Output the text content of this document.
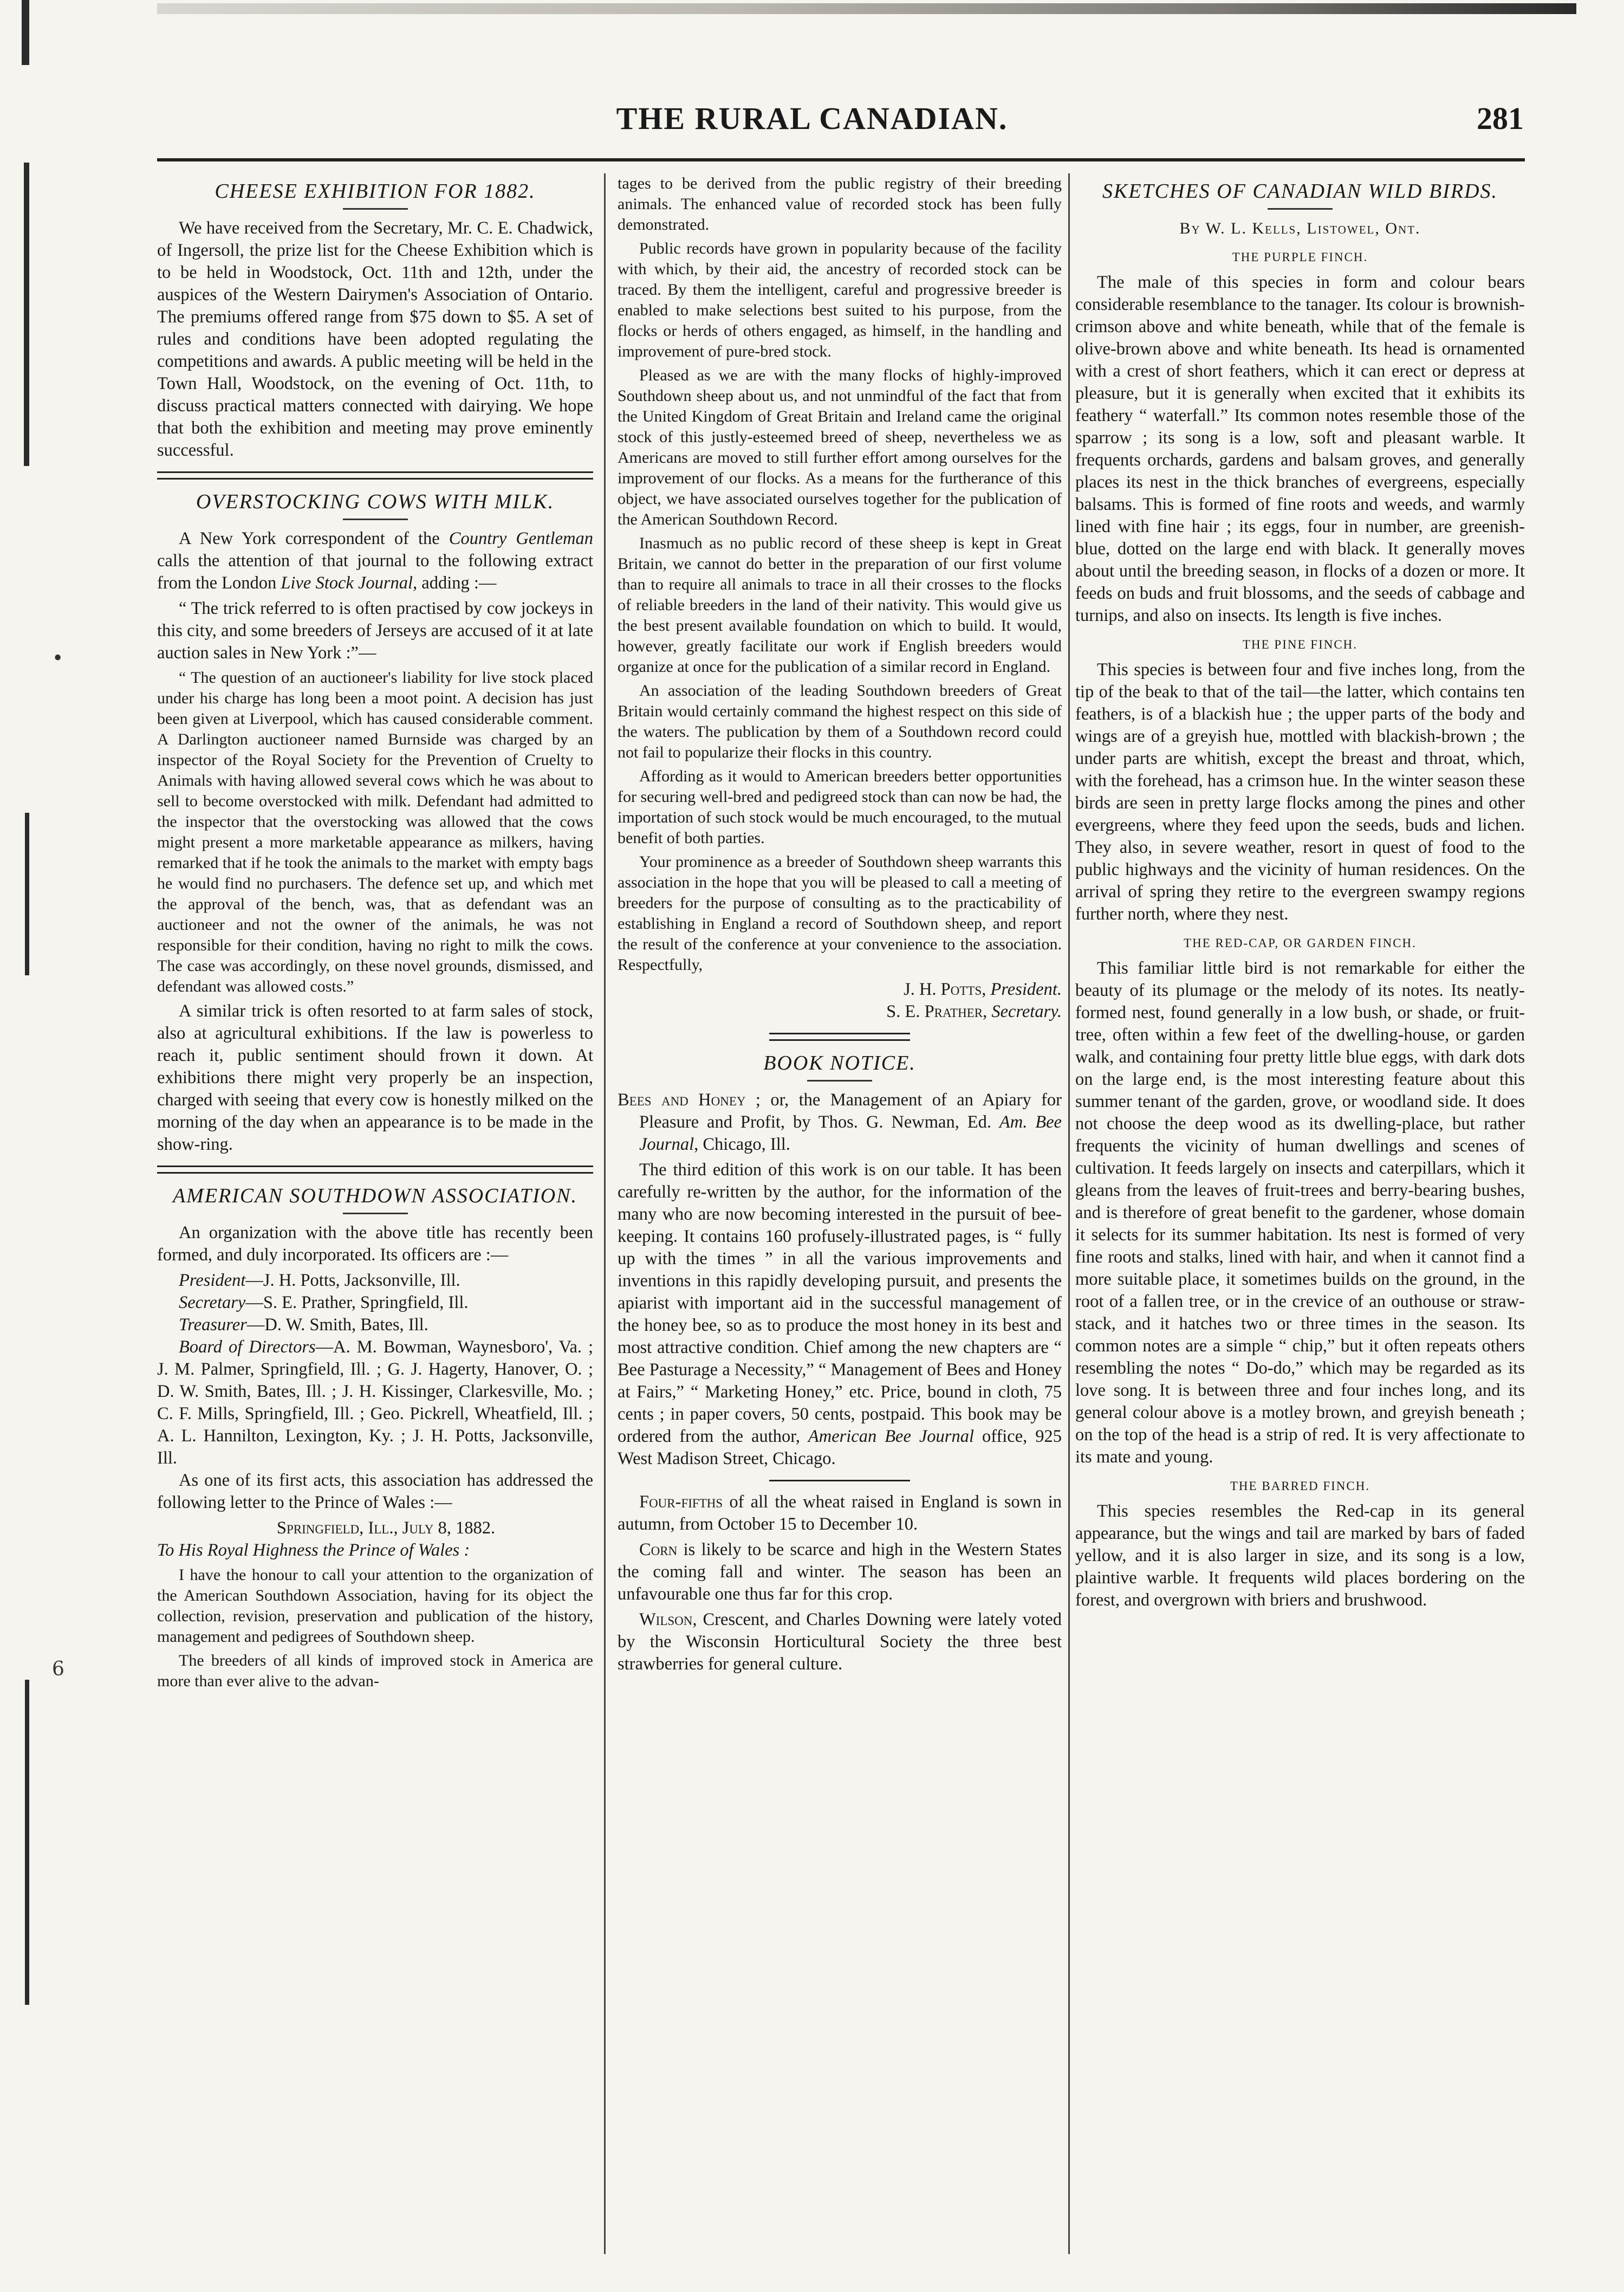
•
6
THE RURAL CANADIAN.	281
CHEESE EXHIBITION FOR 1882.

We have received from the Secretary, Mr. C. E. Chadwick, of Ingersoll, the prize list for the Cheese Exhibition which is to be held in Woodstock, Oct. 11th and 12th, under the auspices of the Western Dairymen's Association of Ontario. The premiums offered range from $75 down to $5. A set of rules and conditions have been adopted regulating the competitions and awards. A public meeting will be held in the Town Hall, Woodstock, on the evening of Oct. 11th, to discuss practical matters connected with dairying. We hope that both the exhibition and meeting may prove eminently successful.

OVERSTOCKING COWS WITH MILK.

A New York correspondent of the Country Gentleman calls the attention of that journal to the following extract from the London Live Stock Journal, adding :—

“ The trick referred to is often practised by cow jockeys in this city, and some breeders of Jerseys are accused of it at late auction sales in New York :”—

“ The question of an auctioneer's liability for live stock placed under his charge has long been a moot point. A decision has just been given at Liverpool, which has caused considerable comment. A Darlington auctioneer named Burnside was charged by an inspector of the Royal Society for the Prevention of Cruelty to Animals with having allowed several cows which he was about to sell to become overstocked with milk. Defendant had admitted to the inspector that the overstocking was allowed that the cows might present a more marketable appearance as milkers, having remarked that if he took the animals to the market with empty bags he would find no purchasers. The defence set up, and which met the approval of the bench, was, that as defendant was an auctioneer and not the owner of the animals, he was not responsible for their condition, having no right to milk the cows. The case was accordingly, on these novel grounds, dismissed, and defendant was allowed costs.”

A similar trick is often resorted to at farm sales of stock, also at agricultural exhibitions. If the law is powerless to reach it, public sentiment should frown it down. At exhibitions there might very properly be an inspection, charged with seeing that every cow is honestly milked on the morning of the day when an appearance is to be made in the show-ring.

AMERICAN SOUTHDOWN ASSOCIATION.

An organization with the above title has recently been formed, and duly incorporated. Its officers are :—

President—J. H. Potts, Jacksonville, Ill.

Secretary—S. E. Prather, Springfield, Ill.

Treasurer—D. W. Smith, Bates, Ill.

Board of Directors—A. M. Bowman, Waynesboro', Va. ; J. M. Palmer, Springfield, Ill. ; G. J. Hagerty, Hanover, O. ; D. W. Smith, Bates, Ill. ; J. H. Kissinger, Clarkesville, Mo. ; C. F. Mills, Springfield, Ill. ; Geo. Pickrell, Wheatfield, Ill. ; A. L. Hannilton, Lexington, Ky. ; J. H. Potts, Jacksonville, Ill.

As one of its first acts, this association has addressed the following letter to the Prince of Wales :—

Springfield, Ill., July 8, 1882.

To His Royal Highness the Prince of Wales :

I have the honour to call your attention to the organization of the American Southdown Association, having for its object the collection, revision, preservation and publication of the history, management and pedigrees of Southdown sheep.

The breeders of all kinds of improved stock in America are more than ever alive to the advan-

tages to be derived from the public registry of their breeding animals. The enhanced value of recorded stock has been fully demonstrated.

Public records have grown in popularity because of the facility with which, by their aid, the ancestry of recorded stock can be traced. By them the intelligent, careful and progressive breeder is enabled to make selections best suited to his purpose, from the flocks or herds of others engaged, as himself, in the handling and improvement of pure-bred stock.

Pleased as we are with the many flocks of highly-improved Southdown sheep about us, and not unmindful of the fact that from the United Kingdom of Great Britain and Ireland came the original stock of this justly-esteemed breed of sheep, nevertheless we as Americans are moved to still further effort among ourselves for the improvement of our flocks. As a means for the furtherance of this object, we have associated ourselves together for the publication of the American Southdown Record.

Inasmuch as no public record of these sheep is kept in Great Britain, we cannot do better in the preparation of our first volume than to require all animals to trace in all their crosses to the flocks of reliable breeders in the land of their nativity. This would give us the best present available foundation on which to build. It would, however, greatly facilitate our work if English breeders would organize at once for the publication of a similar record in England.

An association of the leading Southdown breeders of Great Britain would certainly command the highest respect on this side of the waters. The publication by them of a Southdown record could not fail to popularize their flocks in this country.

Affording as it would to American breeders better opportunities for securing well-bred and pedigreed stock than can now be had, the importation of such stock would be much encouraged, to the mutual benefit of both parties.

Your prominence as a breeder of Southdown sheep warrants this association in the hope that you will be pleased to call a meeting of breeders for the purpose of consulting as to the practicability of establishing in England a record of Southdown sheep, and report the result of the conference at your convenience to the association. Respectfully,

J. H. Potts, President.

S. E. Prather, Secretary.

BOOK NOTICE.

Bees and Honey ; or, the Management of an Apiary for Pleasure and Profit, by Thos. G. Newman, Ed. Am. Bee Journal, Chicago, Ill.

The third edition of this work is on our table. It has been carefully re-written by the author, for the information of the many who are now becoming interested in the pursuit of bee-keeping. It contains 160 profusely-illustrated pages, is “ fully up with the times ” in all the various improvements and inventions in this rapidly developing pursuit, and presents the apiarist with important aid in the successful management of the honey bee, so as to produce the most honey in its best and most attractive condition. Chief among the new chapters are “ Bee Pasturage a Necessity,” “ Management of Bees and Honey at Fairs,” “ Marketing Honey,” etc. Price, bound in cloth, 75 cents ; in paper covers, 50 cents, postpaid. This book may be ordered from the author, American Bee Journal office, 925 West Madison Street, Chicago.

Four-fifths of all the wheat raised in England is sown in autumn, from October 15 to December 10.

Corn is likely to be scarce and high in the Western States the coming fall and winter. The season has been an unfavourable one thus far for this crop.

Wilson, Crescent, and Charles Downing were lately voted by the Wisconsin Horticultural Society the three best strawberries for general culture.

SKETCHES OF CANADIAN WILD BIRDS.
By W. L. Kells, Listowel, Ont.
THE PURPLE FINCH.

The male of this species in form and colour bears considerable resemblance to the tanager. Its colour is brownish-crimson above and white beneath, while that of the female is olive-brown above and white beneath. Its head is ornamented with a crest of short feathers, which it can erect or depress at pleasure, but it is generally when excited that it exhibits its feathery “ waterfall.” Its common notes resemble those of the sparrow ; its song is a low, soft and pleasant warble. It frequents orchards, gardens and balsam groves, and generally places its nest in the thick branches of evergreens, especially balsams. This is formed of fine roots and weeds, and warmly lined with fine hair ; its eggs, four in number, are greenish-blue, dotted on the large end with black. It generally moves about until the breeding season, in flocks of a dozen or more. It feeds on buds and fruit blossoms, and the seeds of cabbage and turnips, and also on insects. Its length is five inches.

THE PINE FINCH.

This species is between four and five inches long, from the tip of the beak to that of the tail—the latter, which contains ten feathers, is of a blackish hue ; the upper parts of the body and wings are of a greyish hue, mottled with blackish-brown ; the under parts are whitish, except the breast and throat, which, with the forehead, has a crimson hue. In the winter season these birds are seen in pretty large flocks among the pines and other evergreens, where they feed upon the seeds, buds and lichen. They also, in severe weather, resort in quest of food to the public highways and the vicinity of human residences. On the arrival of spring they retire to the evergreen swampy regions further north, where they nest.

THE RED-CAP, OR GARDEN FINCH.

This familiar little bird is not remarkable for either the beauty of its plumage or the melody of its notes. Its neatly-formed nest, found generally in a low bush, or shade, or fruit-tree, often within a few feet of the dwelling-house, or garden walk, and containing four pretty little blue eggs, with dark dots on the large end, is the most interesting feature about this summer tenant of the garden, grove, or woodland side. It does not choose the deep wood as its dwelling-place, but rather frequents the vicinity of human dwellings and scenes of cultivation. It feeds largely on insects and caterpillars, which it gleans from the leaves of fruit-trees and berry-bearing bushes, and is therefore of great benefit to the gardener, whose domain it selects for its summer habitation. Its nest is formed of very fine roots and stalks, lined with hair, and when it cannot find a more suitable place, it sometimes builds on the ground, in the root of a fallen tree, or in the crevice of an outhouse or straw-stack, and it hatches two or three times in the season. Its common notes are a simple “ chip,” but it often repeats others resembling the notes “ Do-do,” which may be regarded as its love song. It is between three and four inches long, and its general colour above is a motley brown, and greyish beneath ; on the top of the head is a strip of red. It is very affectionate to its mate and young.

THE BARRED FINCH.

This species resembles the Red-cap in its general appearance, but the wings and tail are marked by bars of faded yellow, and it is also larger in size, and its song is a low, plaintive warble. It frequents wild places bordering on the forest, and overgrown with briers and brushwood.
